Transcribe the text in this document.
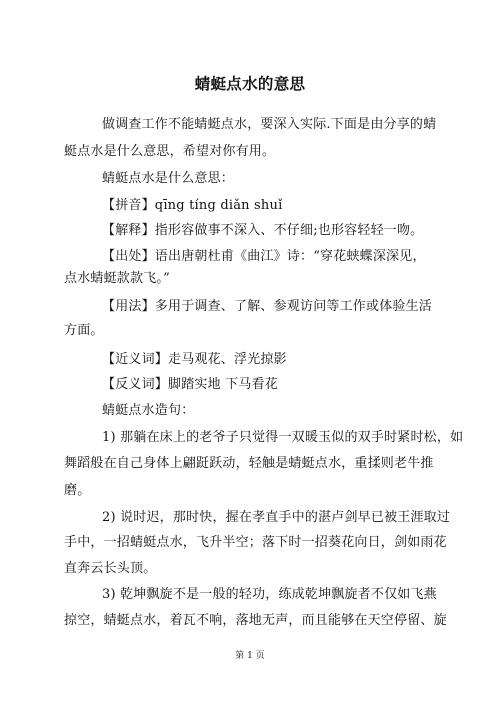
蜻蜓点水的意思
做调查工作不能蜻蜓点水，要深入实际.下面是由分享的蜻
蜓点水是什么意思，希望对你有用。
蜻蜓点水是什么意思：
【拼音】qīng tíng diǎn shuǐ
【解释】指形容做事不深入、不仔细;也形容轻轻一吻。
【出处】语出唐朝杜甫《曲江》诗：“穿花蛱蝶深深见，
点水蜻蜓款款飞。”
【用法】多用于调查、了解、参观访问等工作或体验生活
方面。
【近义词】走马观花、浮光掠影
【反义词】脚踏实地 下马看花
蜻蜓点水造句：
1) 那躺在床上的老爷子只觉得一双暖玉似的双手时紧时松，如
舞蹈般在自己身体上翩跹跃动，轻触是蜻蜓点水，重揉则老牛推
磨。
2) 说时迟，那时快，握在孝直手中的湛卢剑早已被王涯取过
手中，一招蜻蜓点水，飞升半空；落下时一招葵花向日，剑如雨花
直奔云长头顶。
3) 乾坤飘旋不是一般的轻功，练成乾坤飘旋者不仅如飞燕
掠空，蜻蜓点水，着瓦不响，落地无声，而且能够在天空停留、旋
第 1 页
